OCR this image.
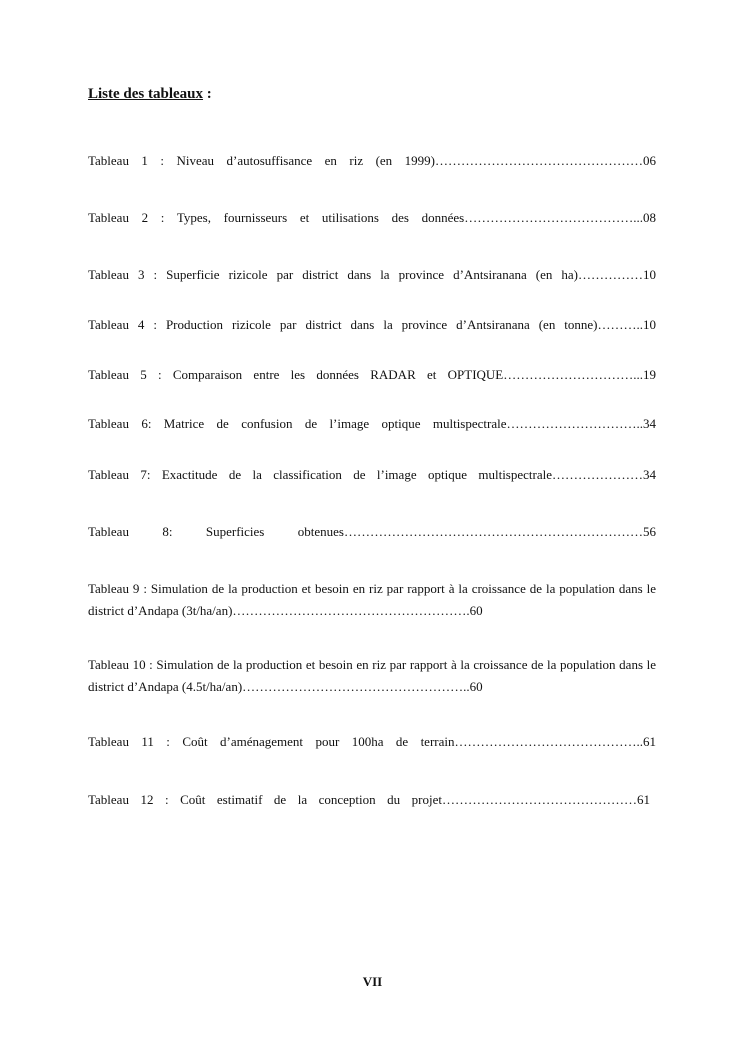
Liste des tableaux :

Tableau 1 : Niveau d’autosuffisance en riz (en 1999)…………………………………………06

Tableau 2 : Types, fournisseurs et utilisations des données…………………………………...08

Tableau 3 : Superficie rizicole par district dans la province d’Antsiranana (en ha)……………10

Tableau 4 : Production rizicole par district dans la province d’Antsiranana (en tonne)………..10

Tableau 5 : Comparaison entre les données RADAR et OPTIQUE…………………………...19

Tableau 6: Matrice de confusion de l’image optique multispectrale…………………………..34

Tableau 7: Exactitude de la classification de l’image optique multispectrale…………………34

Tableau 8: Superficies obtenues……………………………………………………………56

Tableau 9 : Simulation de la production et besoin en riz par rapport à la croissance de la population dans le district d’Andapa (3t/ha/an)……………………………………………….60

Tableau 10 : Simulation de la production et besoin en riz par rapport à la croissance de la population dans le district d’Andapa (4.5t/ha/an)……………………………………………..60

Tableau 11 : Coût d’aménagement pour 100ha de terrain……………………………………..61

Tableau 12 : Coût estimatif de la conception du projet………………………………………61

VII
